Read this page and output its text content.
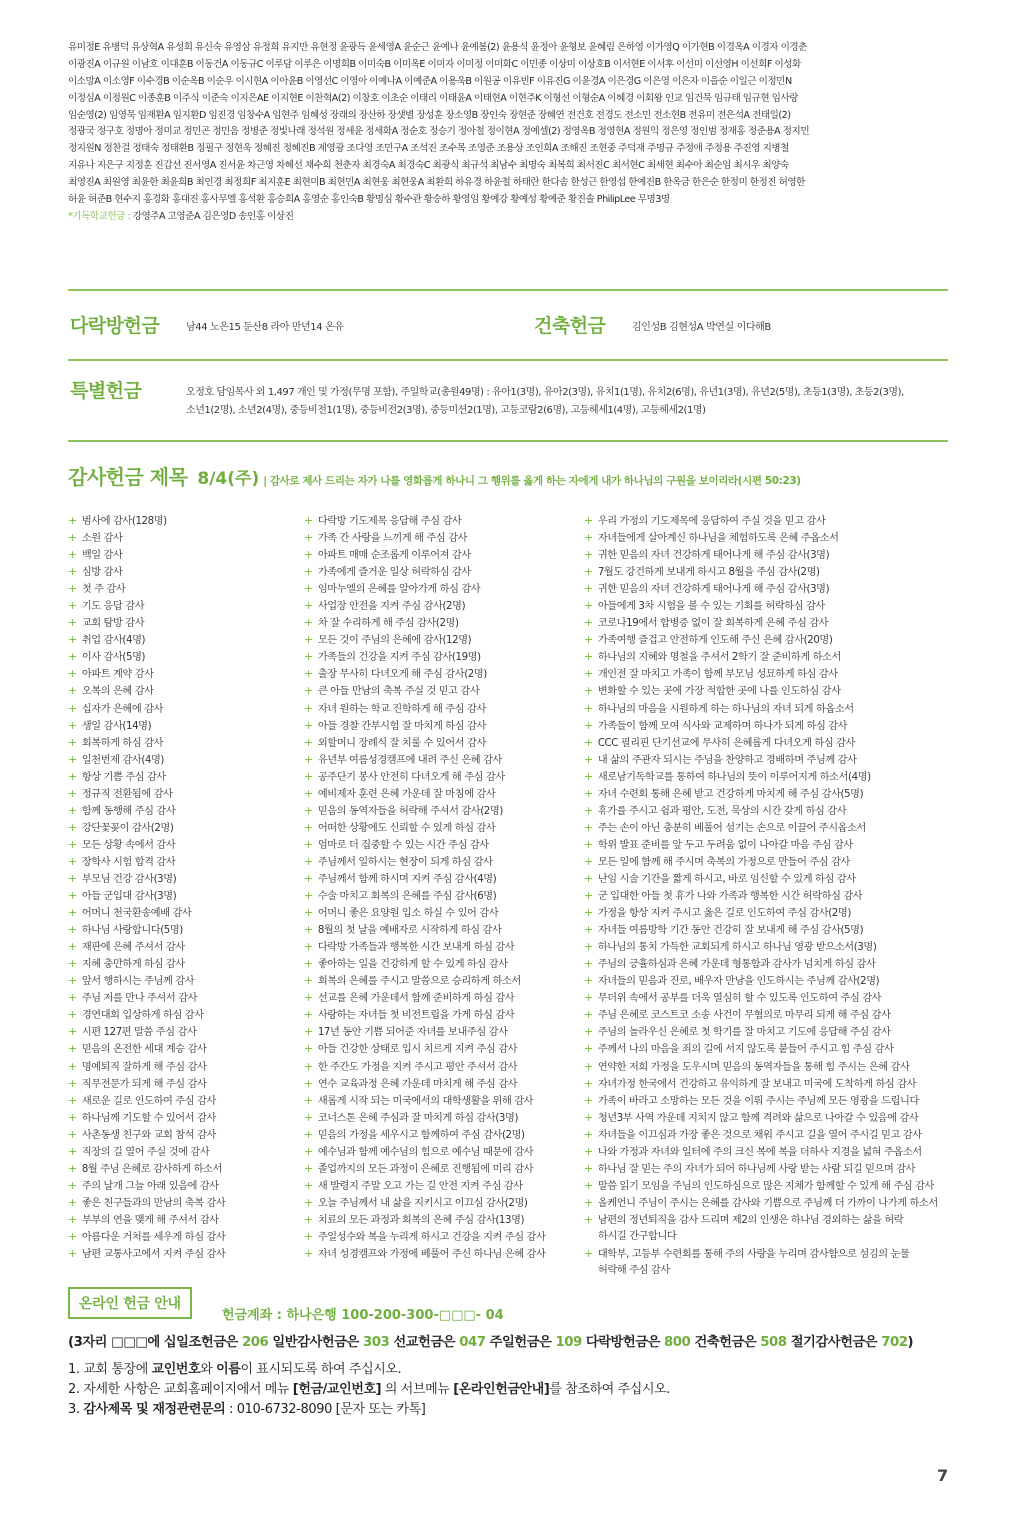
유미정E 유병덕 유상혁A 유성희 유신숙 유영삼 유정희 유지만 유현정 윤광득 윤세영A 윤순근 윤예나 윤예봄(2) 윤용식 윤정아 윤형보 윤혜림 은하영 이가영Q 이가현B 이경옥A 이경자 이경춘
이광진A 이규원 이남호 이대훈B 이동건A 이동규C 이루담 이루은 이명희B 이미숙B 이미옥E 이미자 이미정 이미화C 이민종 이상미 이상호B 이서현E 이서후 이선미 이선영H 이선희F 이성화
이소망A 이소영F 이수경B 이순옥B 이순우 이시현A 이아윤B 이영선C 이영아 이예나A 이예준A 이용욱B 이원공 이유빈F 이유진G 이윤경A 이은경G 이은영 이은자 이을순 이일근 이정민N
이정심A 이정원C 이종훈B 이주식 이준숙 이지은AE 이지현E 이찬혁A(2) 이창호 이초순 이태리 이태윤A 이태현A 이현주K 이형선 이형순A 이혜경 이회왕 인교 임건묵 임규태 임규현 임사랑
임순영(2) 임영묵 임재환A 임지환D 임진경 임창수A 임현주 임혜성 장래의 장산하 장샛별 장성훈 장소영B 장인숙 장현준 장혜연 전건호 전경도 전소민 전소현B 전유미 전은석A 전태일(2)
정광국 정구호 정명아 정미교 정민곤 정민음 정병준 정빛나래 정석원 정세윤 정세화A 정순호 정승기 정아철 정이현A 정예셀(2) 정영옥B 정영현A 정원익 정은영 정인범 정재홍 정준용A 정지민
정지원N 정찬걸 정태숙 정태환B 정필구 정현욱 정혜진 정혜진B 제영광 조다영 조민구A 조석진 조수목 조영준 조용상 조인희A 조해진 조현중 주덕재 주명규 주정애 주정용 주진영 지병철
지유나 지은구 지정훈 진갑선 진서영A 진서윤 차근영 차혜선 채수희 천춘자 최경숙A 최경숙C 최광식 최규석 최남수 최명숙 최복희 최서진C 최서현C 최세현 최수아 최순임 최시우 최양숙
최영진A 최원영 최윤한 최윤희B 최인경 최정희F 최지훈E 최현미B 최현민A 최현웅 최현웅A 최환희 하유경 하윤철 하태란 한다솜 한성근 한영섭 한예진B 한옥금 한은순 한정미 한정진 허영한
허윤 허준B 현수지 홍경화 홍대진 홍사무엘 홍석환 홍승희A 홍영순 홍인숙B 황명심 황수관 황승하 황영임 황예강 황예성 황예준 황진솔 PhilipLee 무명3명
*기독학교헌금 : 강영주A 고영준A 김은영D 송인홍 이상진
다락방헌금	남44 노은15 둔산8 라아 만년14 온유	건축헌금	김인성B 김현성A 박연실 이다해B
특별헌금	오정호 담임목사 외 1,497 개인 및 가정(무명 포함), 주일학교(총원49명) : 유아1(3명), 유아2(3명), 유치1(1명), 유치2(6명), 유년1(3명), 유년2(5명), 초등1(3명), 초등2(3명),
소년1(2명), 소년2(4명), 중등비전1(1명), 중등비전2(3명), 중등미션2(1명), 고등코람2(6명), 고등헤세1(4명), 고등헤세2(1명)
감사헌금 제목 8/4(주) | 감사로 제사 드리는 자가 나를 영화롭게 하나니 그 행위를 옳게 하는 자에게 내가 하나님의 구원을 보이리라(시편 50:23)
+ 범사에 감사(128명)
+ 소원 감사
+ 백일 감사
+ 심방 감사
+ 첫 주 감사
+ 기도 응답 감사
+ 교회 탐방 감사
+ 취업 감사(4명)
+ 이사 감사(5명)
+ 아파트 계약 감사
+ 오복의 은혜 감사
+ 십자가 은혜에 감사
+ 생일 감사(14명)
+ 회복하게 하심 감사
+ 일천번제 감사(4명)
+ 항상 기쁨 주심 감사
+ 정규직 전환됨에 감사
+ 함께 동행해 주심 감사
+ 강단꽃꽂이 감사(2명)
+ 모든 상황 속에서 감사
+ 장학사 시험 합격 감사
+ 부모님 건강 감사(3명)
+ 아들 군입대 감사(3명)
+ 어머니 천국환송예배 감사
+ 하나님 사랑합니다(5명)
+ 재판에 은혜 주셔서 감사
+ 지혜 충만하게 하심 감사
+ 앞서 행하시는 주님께 감사
+ 주님 저를 만나 주셔서 감사
+ 경연대회 입상하게 하심 감사
+ 시편 127편 말씀 주심 감사
+ 믿음의 온전한 세대 계승 감사
+ 명예퇴직 잘하게 해 주심 감사
+ 직무전문가 되게 해 주심 감사
+ 새로운 길로 인도하여 주심 감사
+ 하나님께 기도할 수 있어서 감사
+ 사촌동생 친구와 교회 참석 감사
+ 직장의 길 열어 주실 것에 감사
+ 8월 주님 은혜로 감사하게 하소서
+ 주의 날개 그늘 아래 있음에 감사
+ 좋은 친구들과의 만남의 축복 감사
+ 부부의 연을 맺게 해 주셔서 감사
+ 아름다운 거처를 세우게 하심 감사
+ 남편 교통사고에서 지켜 주심 감사
+ 다락방 기도제목 응답해 주심 감사
+ 가족 간 사랑을 느끼게 해 주심 감사
+ 아파트 매매 순조롭게 이루어져 감사
+ 가족에게 즐거운 일상 허락하심 감사
+ 임마누엘의 은혜를 알아가게 하심 감사
+ 사업장 안전을 지켜 주심 감사(2명)
+ 차 잘 수리하게 해 주심 감사(2명)
+ 모든 것이 주님의 은혜에 감사(12명)
+ 가족들의 건강을 지켜 주심 감사(19명)
+ 출장 무사히 다녀오게 해 주심 감사(2명)
+ 큰 아들 만남의 축복 주실 것 믿고 감사
+ 자녀 원하는 학교 진학하게 해 주심 감사
+ 아들 경찰 간부시험 잘 마치게 하심 감사
+ 외할머니 장례식 잘 치룰 수 있어서 감사
+ 유년부 여름성경캠프에 내려 주신 은혜 감사
+ 공주단기 봉사 안전히 다녀오게 해 주심 감사
+ 예비제자 훈련 은혜 가운데 잘 마침에 감사
+ 믿음의 동역자들을 허락해 주셔서 감사(2명)
+ 어떠한 상황에도 신뢰할 수 있게 하심 감사
+ 엄마로 더 집중할 수 있는 시간 주심 감사
+ 주님께서 일하시는 현장이 되게 하심 감사
+ 주님께서 함께 하시며 지켜 주심 감사(4명)
+ 수술 마치고 회복의 은혜를 주심 감사(6명)
+ 어머니 좋은 요양원 입소 하실 수 있어 감사
+ 8월의 첫 날을 예배자로 시작하게 하심 감사
+ 다락방 가족들과 행복한 시간 보내게 하심 감사
+ 좋아하는 일을 건강하게 할 수 있게 하심 감사
+ 회복의 은혜를 주시고 말씀으로 승리하게 하소서
+ 선교를 은혜 가운데서 함께 준비하게 하심 감사
+ 사랑하는 자녀들 첫 비전트립을 가게 하심 감사
+ 17년 동안 기쁨 되어준 자녀를 보내주심 감사
+ 아들 건강한 상태로 입시 치르게 지켜 주심 감사
+ 한 주간도 가정을 지켜 주시고 평안 주셔서 감사
+ 연수 교육과정 은혜 가운데 마치게 해 주심 감사
+ 새롭게 시작 되는 미국에서의 대학생활을 위해 감사
+ 코너스톤 은혜 주심과 잘 마치게 하심 감사(3명)
+ 믿음의 가정을 세우시고 함께하여 주심 감사(2명)
+ 예수님과 함께 예수님의 힘으로 예수님 때문에 감사
+ 졸업까지의 모든 과정이 은혜로 진행됨에 미리 감사
+ 새 발령지 주말 오고 가는 길 안전 지켜 주심 감사
+ 오늘 주님께서 내 삶을 지키시고 이끄심 감사(2명)
+ 치료의 모든 과정과 회복의 은혜 주심 감사(13명)
+ 주일성수와 복을 누리게 하시고 건강을 지켜 주심 감사
+ 자녀 성경캠프와 가정에 베풀어 주신 하나님 은혜 감사
+ 우리 가정의 기도제목에 응답하여 주실 것을 믿고 감사
+ 자녀들에게 살아계신 하나님을 체험하도록 은혜 주옵소서
+ 귀한 믿음의 자녀 건강하게 태어나게 해 주심 감사(3명)
+ 7월도 강건하게 보내게 하시고 8월을 주심 감사(2명)
+ 귀한 믿음의 자녀 건강하게 태어나게 해 주심 감사(3명)
+ 아들에게 3차 시험을 볼 수 있는 기회를 허락하심 감사
+ 코로나19에서 합병증 없이 잘 회복하게 은혜 주심 감사
+ 가족여행 즐겁고 안전하게 인도해 주신 은혜 감사(20명)
+ 하나님의 지혜와 명철을 주셔서 2학기 잘 준비하게 하소서
+ 개인전 잘 마치고 가족이 함께 부모님 성묘하게 하심 감사
+ 변화할 수 있는 곳에 가장 적합한 곳에 나를 인도하심 감사
+ 하나님의 마음을 시원하게 하는 하나님의 자녀 되게 하옵소서
+ 가족들이 함께 모여 식사와 교제하며 하나가 되게 하심 감사
+ CCC 필리핀 단기선교에 무사히 은혜롭게 다녀오게 하심 감사
+ 내 삶의 주관자 되시는 주님을 찬양하고 경배하며 주님께 감사
+ 새로남기독학교를 통하여 하나님의 뜻이 이루어지게 하소서(4명)
+ 자녀 수련회 통해 은혜 받고 건강하게 마치게 해 주심 감사(5명)
+ 휴가를 주시고 쉼과 평안, 도전, 묵상의 시간 갖게 하심 감사
+ 주는 손이 아닌 충분히 베풀어 섬기는 손으로 이끌어 주시옵소서
+ 학위 발표 준비를 앞 두고 두려움 없이 나아갈 마음 주심 감사
+ 모든 일에 함께 해 주시며 축복의 가정으로 만들어 주심 감사
+ 난임 시술 기간을 짧게 하시고, 바로 임신할 수 있게 하심 감사
+ 군 입대한 아들 첫 휴가 나와 가족과 행복한 시간 허락하심 감사
+ 가정을 항상 지켜 주시고 옳은 길로 인도하여 주심 감사(2명)
+ 자녀들 여름방학 기간 동안 건강히 잘 보내게 해 주심 감사(5명)
+ 하나님의 통치 가득한 교회되게 하시고 하나님 영광 받으소서(3명)
+ 주님의 긍휼하심과 은혜 가운데 형통함과 감사가 넘치게 하심 감사
+ 자녀들의 믿음과 진로, 배우자 만남을 인도하시는 주님께 감사(2명)
+ 무더위 속에서 공부를 더욱 열심히 할 수 있도록 인도하여 주심 감사
+ 주님 은혜로 코스트코 소송 사건이 무혐의로 마무리 되게 해 주심 감사
+ 주님의 놀라우신 은혜로 첫 학기를 잘 마치고 기도에 응답해 주심 감사
+ 주께서 나의 마음을 죄의 길에 서지 않도록 붙들어 주시고 힘 주심 감사
+ 연약한 저희 가정을 도우시며 믿음의 동역자들을 통해 힘 주시는 은혜 감사
+ 자녀가정 한국에서 건강하고 유익하게 잘 보내고 미국에 도착하게 하심 감사
+ 가족이 바라고 소망하는 모든 것을 이뤄 주시는 주님께 모든 영광을 드립니다
+ 청년3부 사역 가운데 지치지 않고 함께 격려와 삶으로 나아갈 수 있음에 감사
+ 자녀들을 이끄심과 가장 좋은 것으로 채워 주시고 길을 열어 주시길 믿고 감사
+ 나와 가정과 자녀와 일터에 주의 크신 복에 복을 더하사 지경을 넓혀 주옵소서
+ 하나님 잘 믿는 주의 자녀가 되어 하나님께 사랑 받는 사람 되길 믿으며 감사
+ 말씀 읽기 모임을 주님의 인도하심으로 많은 지체가 함께할 수 있게 해 주심 감사
+ 올케언니 주님이 주시는 은혜를 감사와 기쁨으로 주님께 더 가까이 나가게 하소서
+ 남편의 정년퇴직을 감사 드리며 제2의 인생은 하나님 경외하는 삶을 허락
하시길 간구합니다
+ 대학부, 고등부 수련회를 통해 주의 사랑을 누리며 감사함으로 섬김의 눈물
허락해 주심 감사
온라인 헌금 안내
헌금계좌 : 하나은행 100-200-300-□□□- 04
(3자리 □□□에 십일조헌금은 206 일반감사헌금은 303 선교헌금은 047 주일헌금은 109 다락방헌금은 800 건축헌금은 508 절기감사헌금은 702)
1. 교회 통장에 교인번호와 이름이 표시되도록 하여 주십시오.
2. 자세한 사항은 교회홈페이지에서 메뉴 [헌금/교인번호] 의 서브메뉴 [온라인헌금안내]를 참조하여 주십시오.
3. 감사제목 및 재정관련문의 : 010-6732-8090 [문자 또는 카톡]
7
